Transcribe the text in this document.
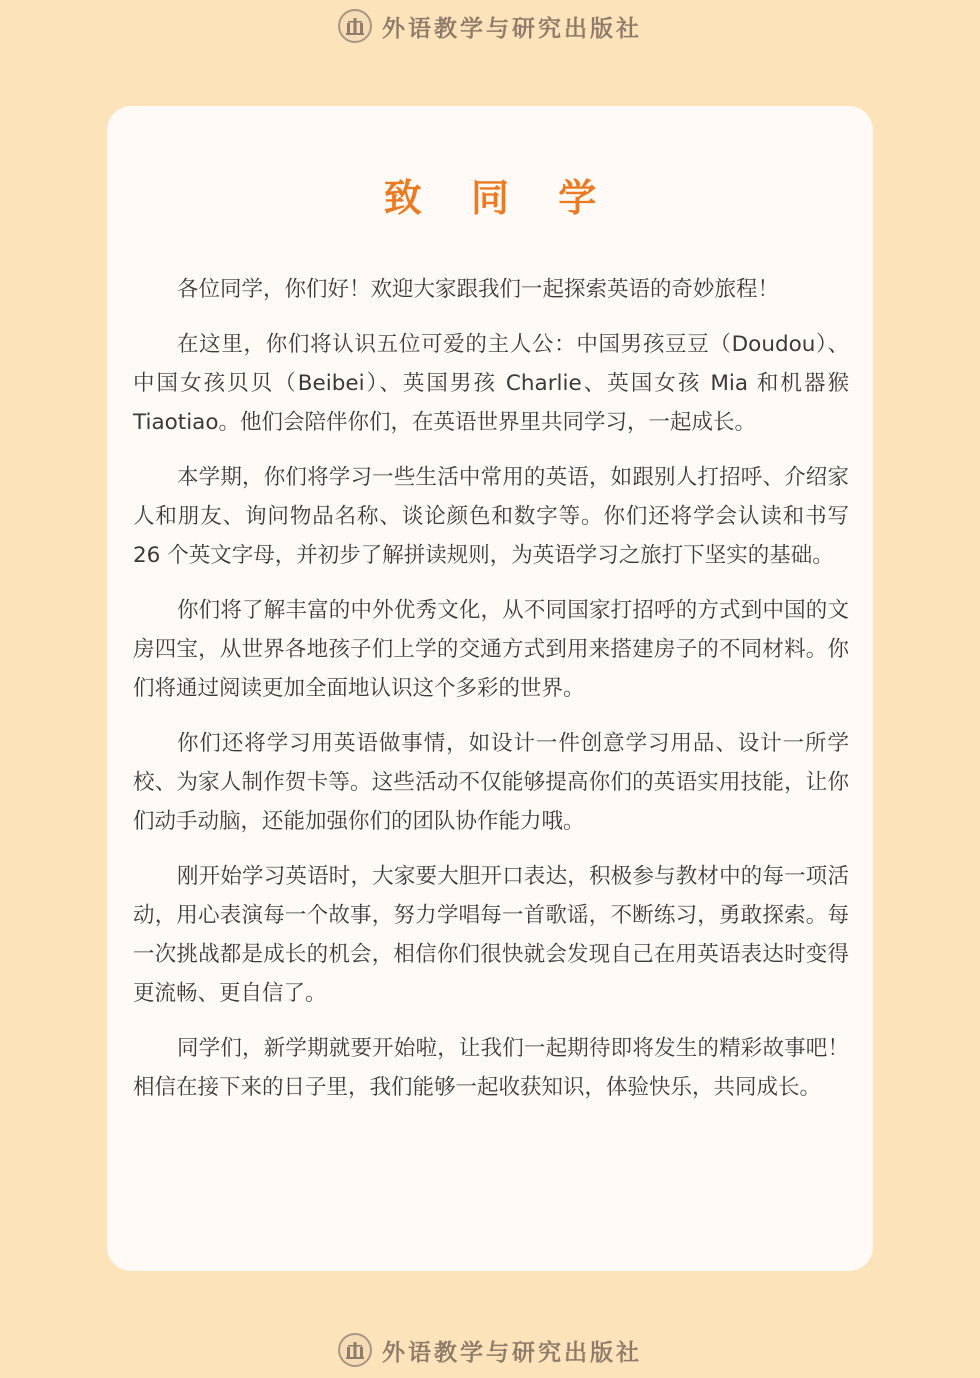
外语教学与研究出版社
致 同 学

各位同学，你们好！欢迎大家跟我们一起探索英语的奇妙旅程！

在这里，你们将认识五位可爱的主人公：中国男孩豆豆（Doudou）、中国女孩贝贝（Beibei）、英国男孩 Charlie、英国女孩 Mia 和机器猴 Tiaotiao。他们会陪伴你们，在英语世界里共同学习，一起成长。

本学期，你们将学习一些生活中常用的英语，如跟别人打招呼、介绍家人和朋友、询问物品名称、谈论颜色和数字等。你们还将学会认读和书写 26 个英文字母，并初步了解拼读规则，为英语学习之旅打下坚实的基础。

你们将了解丰富的中外优秀文化，从不同国家打招呼的方式到中国的文房四宝，从世界各地孩子们上学的交通方式到用来搭建房子的不同材料。你们将通过阅读更加全面地认识这个多彩的世界。

你们还将学习用英语做事情，如设计一件创意学习用品、设计一所学校、为家人制作贺卡等。这些活动不仅能够提高你们的英语实用技能，让你们动手动脑，还能加强你们的团队协作能力哦。

刚开始学习英语时，大家要大胆开口表达，积极参与教材中的每一项活动，用心表演每一个故事，努力学唱每一首歌谣，不断练习，勇敢探索。每一次挑战都是成长的机会，相信你们很快就会发现自己在用英语表达时变得更流畅、更自信了。

同学们，新学期就要开始啦，让我们一起期待即将发生的精彩故事吧！相信在接下来的日子里，我们能够一起收获知识，体验快乐，共同成长。

外语教学与研究出版社
